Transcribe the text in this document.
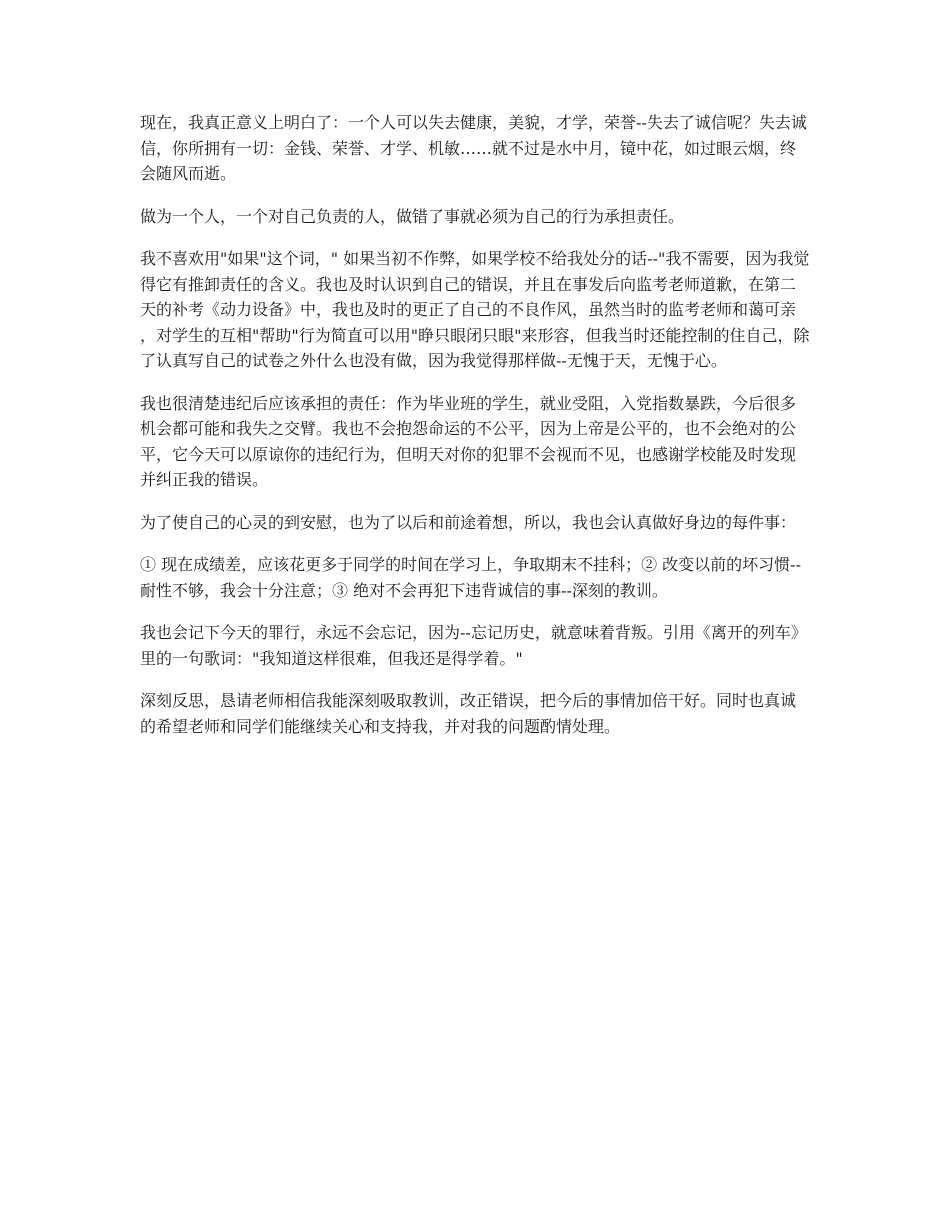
现在，我真正意义上明白了：一个人可以失去健康，美貌，才学，荣誉--失去了诚信呢？失去诚信，你所拥有一切：金钱、荣誉、才学、机敏……就不过是水中月，镜中花，如过眼云烟，终会随风而逝。

做为一个人，一个对自己负责的人，做错了事就必须为自己的行为承担责任。

我不喜欢用"如果"这个词，" 如果当初不作弊，如果学校不给我处分的话--"我不需要，因为我觉得它有推卸责任的含义。我也及时认识到自己的错误，并且在事发后向监考老师道歉，在第二天的补考《动力设备》中，我也及时的更正了自己的不良作风，虽然当时的监考老师和蔼可亲，对学生的互相"帮助"行为简直可以用"睁只眼闭只眼"来形容，但我当时还能控制的住自己，除了认真写自己的试卷之外什么也没有做，因为我觉得那样做--无愧于天，无愧于心。

我也很清楚违纪后应该承担的责任：作为毕业班的学生，就业受阻，入党指数暴跌，今后很多机会都可能和我失之交臂。我也不会抱怨命运的不公平，因为上帝是公平的，也不会绝对的公平，它今天可以原谅你的违纪行为，但明天对你的犯罪不会视而不见，也感谢学校能及时发现并纠正我的错误。

为了使自己的心灵的到安慰，也为了以后和前途着想，所以，我也会认真做好身边的每件事：

① 现在成绩差，应该花更多于同学的时间在学习上，争取期末不挂科；② 改变以前的坏习惯--耐性不够，我会十分注意；③ 绝对不会再犯下违背诚信的事--深刻的教训。

我也会记下今天的罪行，永远不会忘记，因为--忘记历史，就意味着背叛。引用《离开的列车》里的一句歌词："我知道这样很难，但我还是得学着。"

深刻反思，恳请老师相信我能深刻吸取教训，改正错误，把今后的事情加倍干好。同时也真诚的希望老师和同学们能继续关心和支持我，并对我的问题酌情处理。
